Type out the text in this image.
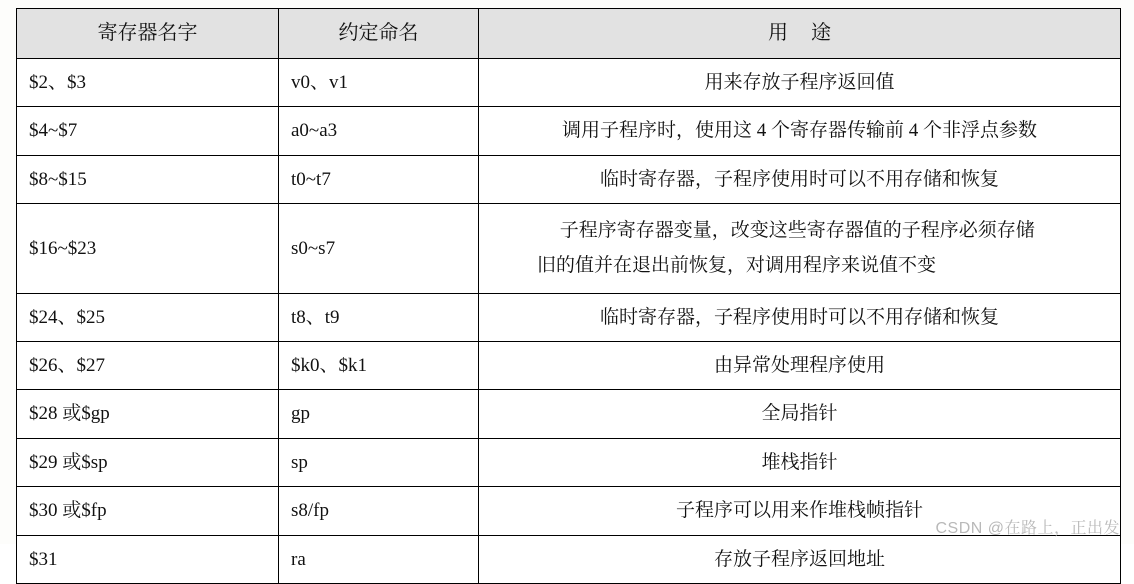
寄存器名字	约定命名	用 途
$2、$3	v0、v1	用来存放子程序返回值
$4~$7	a0~a3	调用子程序时，使用这 4 个寄存器传输前 4 个非浮点参数
$8~$15	t0~t7	临时寄存器，子程序使用时可以不用存储和恢复
$16~$23	s0~s7	子程序寄存器变量，改变这些寄存器值的子程序必须存储
旧的值并在退出前恢复，对调用程序来说值不变

$24、$25	t8、t9	临时寄存器，子程序使用时可以不用存储和恢复
$26、$27	$k0、$k1	由异常处理程序使用
$28 或$gp	gp	全局指针
$29 或$sp	sp	堆栈指针
$30 或$fp	s8/fp	子程序可以用来作堆栈帧指针
$31	ra	存放子程序返回地址
CSDN @在路上，正出发
